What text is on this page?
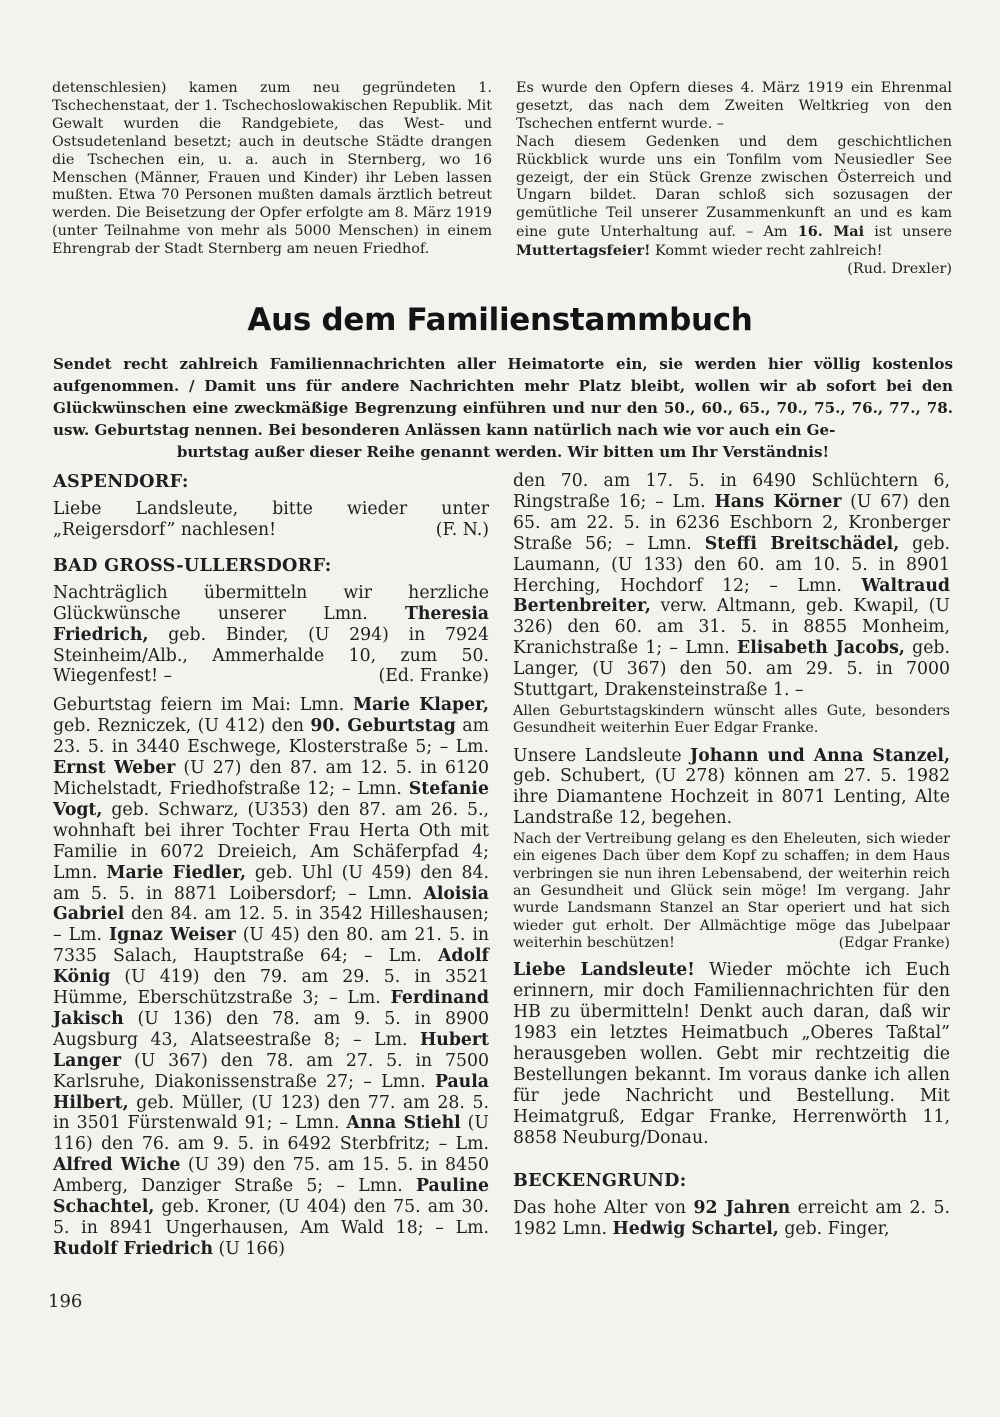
detenschlesien) kamen zum neu gegründeten 1. Tschechenstaat, der 1. Tschechoslowakischen Republik. Mit Gewalt wurden die Randgebiete, das West- und Ostsudetenland besetzt; auch in deutsche Städte drangen die Tschechen ein, u. a. auch in Sternberg, wo 16 Menschen (Männer, Frauen und Kinder) ihr Leben lassen mußten. Etwa 70 Personen mußten damals ärztlich betreut werden. Die Beisetzung der Opfer erfolgte am 8. März 1919 (unter Teilnahme von mehr als 5000 Menschen) in einem Ehrengrab der Stadt Sternberg am neuen Friedhof.

Es wurde den Opfern dieses 4. März 1919 ein Ehrenmal gesetzt, das nach dem Zweiten Weltkrieg von den Tschechen entfernt wurde. –

Nach diesem Gedenken und dem geschichtlichen Rückblick wurde uns ein Tonfilm vom Neusiedler See gezeigt, der ein Stück Grenze zwischen Österreich und Ungarn bildet. Daran schloß sich sozusagen der gemütliche Teil unserer Zusammenkunft an und es kam eine gute Unterhaltung auf. – Am 16. Mai ist unsere Muttertagsfeier! Kommt wieder recht zahlreich!
(Rud. Drexler)

Aus dem Familienstammbuch
Sendet recht zahlreich Familiennachrichten aller Heimatorte ein, sie werden hier völlig kostenlos aufgenommen. / Damit uns für andere Nachrichten mehr Platz bleibt, wollen wir ab sofort bei den Glückwünschen eine zweckmäßige Begrenzung einführen und nur den 50., 60., 65., 70., 75., 76., 77., 78. usw. Geburtstag nennen. Bei besonderen Anlässen kann natürlich nach wie vor auch ein Ge-
burtstag außer dieser Reihe genannt werden. Wir bitten um Ihr Verständnis!
ASPENDORF:

Liebe Landsleute, bitte wieder unter „Reigersdorf” nachlesen!	(F. N.)

BAD GROSS-ULLERSDORF:

Nachträglich übermitteln wir herzliche Glückwünsche unserer Lmn. Theresia Friedrich, geb. Binder, (U 294) in 7924 Steinheim/Alb., Ammerhalde 10, zum 50. Wiegenfest! –	(Ed. Franke)

Geburtstag feiern im Mai: Lmn. Marie Klaper, geb. Rezniczek, (U 412) den 90. Geburtstag am 23. 5. in 3440 Eschwege, Klosterstraße 5; – Lm. Ernst Weber (U 27) den 87. am 12. 5. in 6120 Michelstadt, Friedhofstraße 12; – Lmn. Stefanie Vogt, geb. Schwarz, (U353) den 87. am 26. 5., wohnhaft bei ihrer Tochter Frau Herta Oth mit Familie in 6072 Dreieich, Am Schäferpfad 4; Lmn. Marie Fiedler, geb. Uhl (U 459) den 84. am 5. 5. in 8871 Loibersdorf; – Lmn. Aloisia Gabriel den 84. am 12. 5. in 3542 Hilleshausen; – Lm. Ignaz Weiser (U 45) den 80. am 21. 5. in 7335 Salach, Hauptstraße 64; – Lm. Adolf König (U 419) den 79. am 29. 5. in 3521 Hümme, Eberschützstraße 3; – Lm. Ferdinand Jakisch (U 136) den 78. am 9. 5. in 8900 Augsburg 43, Alatseestraße 8; – Lm. Hubert Langer (U 367) den 78. am 27. 5. in 7500 Karlsruhe, Diakonissenstraße 27; – Lmn. Paula Hilbert, geb. Müller, (U 123) den 77. am 28. 5. in 3501 Fürstenwald 91; – Lmn. Anna Stiehl (U 116) den 76. am 9. 5. in 6492 Sterbfritz; – Lm. Alfred Wiche (U 39) den 75. am 15. 5. in 8450 Amberg, Danziger Straße 5; – Lmn. Pauline Schachtel, geb. Kroner, (U 404) den 75. am 30. 5. in 8941 Ungerhausen, Am Wald 18; – Lm. Rudolf Friedrich (U 166)

den 70. am 17. 5. in 6490 Schlüchtern 6, Ringstraße 16; – Lm. Hans Körner (U 67) den 65. am 22. 5. in 6236 Eschborn 2, Kronberger Straße 56; – Lmn. Steffi Breitschädel, geb. Laumann, (U 133) den 60. am 10. 5. in 8901 Herching, Hochdorf 12; – Lmn. Waltraud Bertenbreiter, verw. Altmann, geb. Kwapil, (U 326) den 60. am 31. 5. in 8855 Monheim, Kranichstraße 1; – Lmn. Elisabeth Jacobs, geb. Langer, (U 367) den 50. am 29. 5. in 7000 Stuttgart, Drakensteinstraße 1. –

Allen Geburtstagskindern wünscht alles Gute, besonders Gesundheit weiterhin Euer Edgar Franke.

Unsere Landsleute Johann und Anna Stanzel, geb. Schubert, (U 278) können am 27. 5. 1982 ihre Diamantene Hochzeit in 8071 Lenting, Alte Landstraße 12, begehen.

Nach der Vertreibung gelang es den Eheleuten, sich wieder ein eigenes Dach über dem Kopf zu schaffen; in dem Haus verbringen sie nun ihren Lebensabend, der weiterhin reich an Gesundheit und Glück sein möge! Im vergang. Jahr wurde Landsmann Stanzel an Star operiert und hat sich wieder gut erholt. Der Allmächtige möge das Jubelpaar weiterhin beschützen!	(Edgar Franke)

Liebe Landsleute! Wieder möchte ich Euch erinnern, mir doch Familiennachrichten für den HB zu übermitteln! Denkt auch daran, daß wir 1983 ein letztes Heimatbuch „Oberes Taßtal” herausgeben wollen. Gebt mir rechtzeitig die Bestellungen bekannt. Im voraus danke ich allen für jede Nachricht und Bestellung. Mit Heimatgruß, Edgar Franke, Herrenwörth 11, 8858 Neuburg/Donau.

BECKENGRUND:

Das hohe Alter von 92 Jahren erreicht am 2. 5. 1982 Lmn. Hedwig Schartel, geb. Finger,

196
